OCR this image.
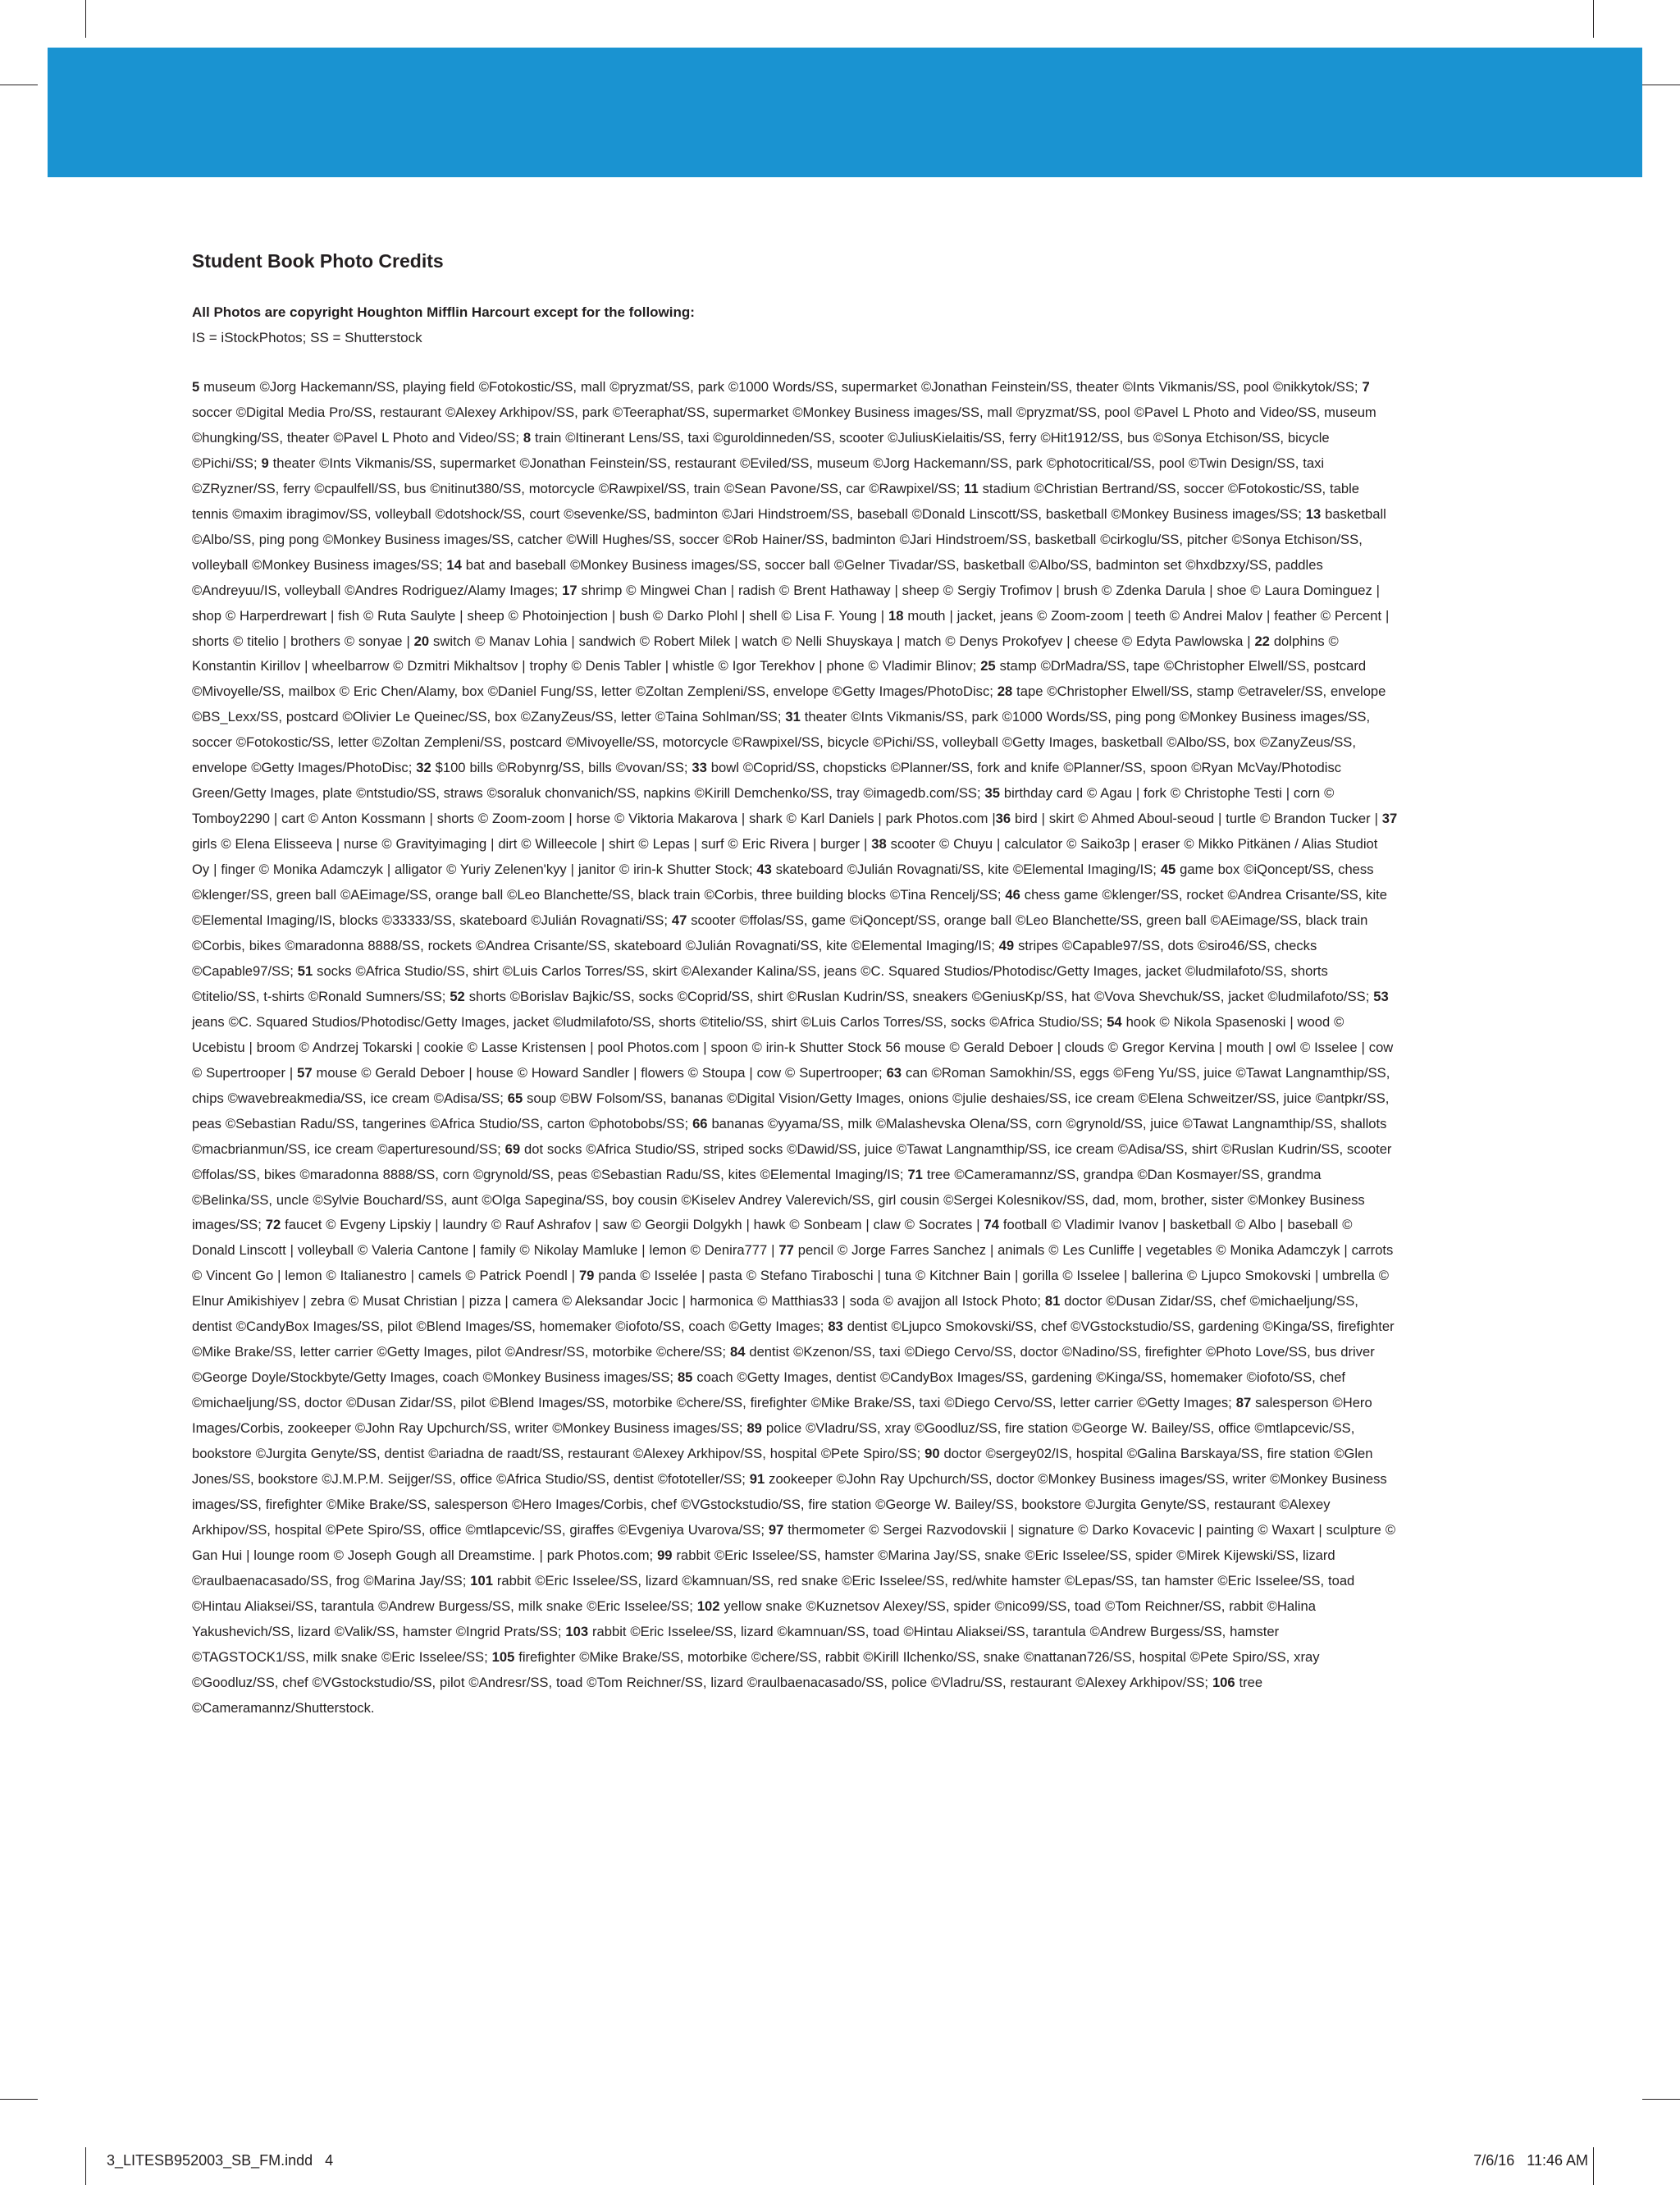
Student Book Photo Credits

All Photos are copyright Houghton Mifflin Harcourt except for the following:
IS = iStockPhotos; SS = Shutterstock

5 museum ©Jorg Hackemann/SS, playing field ©Fotokostic/SS, mall ©pryzmat/SS, park ©1000 Words/SS, supermarket ©Jonathan Feinstein/SS, theater ©Ints Vikmanis/SS, pool ©nikkytok/SS; 7 soccer ©Digital Media Pro/SS, restaurant ©Alexey Arkhipov/SS, park ©Teeraphat/SS, supermarket ©Monkey Business images/SS, mall ©pryzmat/SS, pool ©Pavel L Photo and Video/SS, museum ©hungking/SS, theater ©Pavel L Photo and Video/SS; 8 train ©Itinerant Lens/SS, taxi ©guroldinneden/SS, scooter ©JuliusKielaitis/SS, ferry ©Hit1912/SS, bus ©Sonya Etchison/SS, bicycle ©Pichi/SS; 9 theater ©Ints Vikmanis/SS, supermarket ©Jonathan Feinstein/SS, restaurant ©Eviled/SS, museum ©Jorg Hackemann/SS, park ©photocritical/SS, pool ©Twin Design/SS, taxi ©ZRyzner/SS, ferry ©cpaulfell/SS, bus ©nitinut380/SS, motorcycle ©Rawpixel/SS, train ©Sean Pavone/SS, car ©Rawpixel/SS; 11 stadium ©Christian Bertrand/SS, soccer ©Fotokostic/SS, table tennis ©maxim ibragimov/SS, volleyball ©dotshock/SS, court ©sevenke/SS, badminton ©Jari Hindstroem/SS, baseball ©Donald Linscott/SS, basketball ©Monkey Business images/SS; 13 basketball ©Albo/SS, ping pong ©Monkey Business images/SS, catcher ©Will Hughes/SS, soccer ©Rob Hainer/SS, badminton ©Jari Hindstroem/SS, basketball ©cirkoglu/SS, pitcher ©Sonya Etchison/SS, volleyball ©Monkey Business images/SS; 14 bat and baseball ©Monkey Business images/SS, soccer ball ©Gelner Tivadar/SS, basketball ©Albo/SS, badminton set ©hxdbzxy/SS, paddles ©Andreyuu/IS, volleyball ©Andres Rodriguez/Alamy Images; 17 shrimp © Mingwei Chan | radish © Brent Hathaway | sheep © Sergiy Trofimov | brush © Zdenka Darula | shoe © Laura Dominguez | shop © Harperdrewart | fish © Ruta Saulyte | sheep © Photoinjection | bush © Darko Plohl | shell © Lisa F. Young | 18 mouth | jacket, jeans © Zoom-zoom | teeth © Andrei Malov | feather © Percent | shorts © titelio | brothers © sonyae | 20 switch © Manav Lohia | sandwich © Robert Milek | watch © Nelli Shuyskaya | match © Denys Prokofyev | cheese © Edyta Pawlowska | 22 dolphins © Konstantin Kirillov | wheelbarrow © Dzmitri Mikhaltsov | trophy © Denis Tabler | whistle © Igor Terekhov | phone © Vladimir Blinov; 25 stamp ©DrMadra/SS, tape ©Christopher Elwell/SS, postcard ©Mivoyelle/SS, mailbox © Eric Chen/Alamy, box ©Daniel Fung/SS, letter ©Zoltan Zempleni/SS, envelope ©Getty Images/PhotoDisc; 28 tape ©Christopher Elwell/SS, stamp ©etraveler/SS, envelope ©BS_Lexx/SS, postcard ©Olivier Le Queinec/SS, box ©ZanyZeus/SS, letter ©Taina Sohlman/SS; 31 theater ©Ints Vikmanis/SS, park ©1000 Words/SS, ping pong ©Monkey Business images/SS, soccer ©Fotokostic/SS, letter ©Zoltan Zempleni/SS, postcard ©Mivoyelle/SS, motorcycle ©Rawpixel/SS, bicycle ©Pichi/SS, volleyball ©Getty Images, basketball ©Albo/SS, box ©ZanyZeus/SS, envelope ©Getty Images/PhotoDisc; 32 $100 bills ©Robynrg/SS, bills ©vovan/SS; 33 bowl ©Coprid/SS, chopsticks ©Planner/SS, fork and knife ©Planner/SS, spoon ©Ryan McVay/Photodisc Green/Getty Images, plate ©ntstudio/SS, straws ©soraluk chonvanich/SS, napkins ©Kirill Demchenko/SS, tray ©imagedb.com/SS; 35 birthday card © Agau | fork © Christophe Testi | corn © Tomboy2290 | cart © Anton Kossmann | shorts © Zoom-zoom | horse © Viktoria Makarova | shark © Karl Daniels | park Photos.com |36 bird | skirt © Ahmed Aboul-seoud | turtle © Brandon Tucker | 37 girls © Elena Elisseeva | nurse © Gravityimaging | dirt © Willeecole | shirt © Lepas | surf © Eric Rivera | burger | 38 scooter © Chuyu | calculator © Saiko3p | eraser © Mikko Pitkänen / Alias Studiot Oy | finger © Monika Adamczyk | alligator © Yuriy Zelenen'kyy | janitor © irin-k Shutter Stock; 43 skateboard ©Julián Rovagnati/SS, kite ©Elemental Imaging/IS; 45 game box ©iQoncept/SS, chess ©klenger/SS, green ball ©AEimage/SS, orange ball ©Leo Blanchette/SS, black train ©Corbis, three building blocks ©Tina Rencelj/SS; 46 chess game ©klenger/SS, rocket ©Andrea Crisante/SS, kite ©Elemental Imaging/IS, blocks ©33333/SS, skateboard ©Julián Rovagnati/SS; 47 scooter ©ffolas/SS, game ©iQoncept/SS, orange ball ©Leo Blanchette/SS, green ball ©AEimage/SS, black train ©Corbis, bikes ©maradonna 8888/SS, rockets ©Andrea Crisante/SS, skateboard ©Julián Rovagnati/SS, kite ©Elemental Imaging/IS; 49 stripes ©Capable97/SS, dots ©siro46/SS, checks ©Capable97/SS; 51 socks ©Africa Studio/SS, shirt ©Luis Carlos Torres/SS, skirt ©Alexander Kalina/SS, jeans ©C. Squared Studios/Photodisc/Getty Images, jacket ©ludmilafoto/SS, shorts ©titelio/SS, t-shirts ©Ronald Sumners/SS; 52 shorts ©Borislav Bajkic/SS, socks ©Coprid/SS, shirt ©Ruslan Kudrin/SS, sneakers ©GeniusKp/SS, hat ©Vova Shevchuk/SS, jacket ©ludmilafoto/SS; 53 jeans ©C. Squared Studios/Photodisc/Getty Images, jacket ©ludmilafoto/SS, shorts ©titelio/SS, shirt ©Luis Carlos Torres/SS, socks ©Africa Studio/SS; 54 hook © Nikola Spasenoski | wood © Ucebistu | broom © Andrzej Tokarski | cookie © Lasse Kristensen | pool Photos.com | spoon © irin-k Shutter Stock 56 mouse © Gerald Deboer | clouds © Gregor Kervina | mouth | owl © Isselee | cow © Supertrooper | 57 mouse © Gerald Deboer | house © Howard Sandler | flowers © Stoupa | cow © Supertrooper; 63 can ©Roman Samokhin/SS, eggs ©Feng Yu/SS, juice ©Tawat Langnamthip/SS, chips ©wavebreakmedia/SS, ice cream ©Adisa/SS; 65 soup ©BW Folsom/SS, bananas ©Digital Vision/Getty Images, onions ©julie deshaies/SS, ice cream ©Elena Schweitzer/SS, juice ©antpkr/SS, peas ©Sebastian Radu/SS, tangerines ©Africa Studio/SS, carton ©photobobs/SS; 66 bananas ©yyama/SS, milk ©Malashevska Olena/SS, corn ©grynold/SS, juice ©Tawat Langnamthip/SS, shallots ©macbrianmun/SS, ice cream ©aperturesound/SS; 69 dot socks ©Africa Studio/SS, striped socks ©Dawid/SS, juice ©Tawat Langnamthip/SS, ice cream ©Adisa/SS, shirt ©Ruslan Kudrin/SS, scooter ©ffolas/SS, bikes ©maradonna 8888/SS, corn ©grynold/SS, peas ©Sebastian Radu/SS, kites ©Elemental Imaging/IS; 71 tree ©Cameramannz/SS, grandpa ©Dan Kosmayer/SS, grandma ©Belinka/SS, uncle ©Sylvie Bouchard/SS, aunt ©Olga Sapegina/SS, boy cousin ©Kiselev Andrey Valerevich/SS, girl cousin ©Sergei Kolesnikov/SS, dad, mom, brother, sister ©Monkey Business images/SS; 72 faucet © Evgeny Lipskiy | laundry © Rauf Ashrafov | saw © Georgii Dolgykh | hawk © Sonbeam | claw © Socrates | 74 football © Vladimir Ivanov | basketball © Albo | baseball © Donald Linscott | volleyball © Valeria Cantone | family © Nikolay Mamluke | lemon © Denira777 | 77 pencil © Jorge Farres Sanchez | animals © Les Cunliffe | vegetables © Monika Adamczyk | carrots © Vincent Go | lemon © Italianestro | camels © Patrick Poendl | 79 panda © Isselée | pasta © Stefano Tiraboschi | tuna © Kitchner Bain | gorilla © Isselee | ballerina © Ljupco Smokovski | umbrella © Elnur Amikishiyev | zebra © Musat Christian | pizza | camera © Aleksandar Jocic | harmonica © Matthias33 | soda © avajjon all Istock Photo; 81 doctor ©Dusan Zidar/SS, chef ©michaeljung/SS, dentist ©CandyBox Images/SS, pilot ©Blend Images/SS, homemaker ©iofoto/SS, coach ©Getty Images; 83 dentist ©Ljupco Smokovski/SS, chef ©VGstockstudio/SS, gardening ©Kinga/SS, firefighter ©Mike Brake/SS, letter carrier ©Getty Images, pilot ©Andresr/SS, motorbike ©chere/SS; 84 dentist ©Kzenon/SS, taxi ©Diego Cervo/SS, doctor ©Nadino/SS, firefighter ©Photo Love/SS, bus driver ©George Doyle/Stockbyte/Getty Images, coach ©Monkey Business images/SS; 85 coach ©Getty Images, dentist ©CandyBox Images/SS, gardening ©Kinga/SS, homemaker ©iofoto/SS, chef ©michaeljung/SS, doctor ©Dusan Zidar/SS, pilot ©Blend Images/SS, motorbike ©chere/SS, firefighter ©Mike Brake/SS, taxi ©Diego Cervo/SS, letter carrier ©Getty Images; 87 salesperson ©Hero Images/Corbis, zookeeper ©John Ray Upchurch/SS, writer ©Monkey Business images/SS; 89 police ©Vladru/SS, xray ©Goodluz/SS, fire station ©George W. Bailey/SS, office ©mtlapcevic/SS, bookstore ©Jurgita Genyte/SS, dentist ©ariadna de raadt/SS, restaurant ©Alexey Arkhipov/SS, hospital ©Pete Spiro/SS; 90 doctor ©sergey02/IS, hospital ©Galina Barskaya/SS, fire station ©Glen Jones/SS, bookstore ©J.M.P.M. Seijger/SS, office ©Africa Studio/SS, dentist ©fototeller/SS; 91 zookeeper ©John Ray Upchurch/SS, doctor ©Monkey Business images/SS, writer ©Monkey Business images/SS, firefighter ©Mike Brake/SS, salesperson ©Hero Images/Corbis, chef ©VGstockstudio/SS, fire station ©George W. Bailey/SS, bookstore ©Jurgita Genyte/SS, restaurant ©Alexey Arkhipov/SS, hospital ©Pete Spiro/SS, office ©mtlapcevic/SS, giraffes ©Evgeniya Uvarova/SS; 97 thermometer © Sergei Razvodovskii | signature © Darko Kovacevic | painting © Waxart | sculpture © Gan Hui | lounge room © Joseph Gough all Dreamstime. | park Photos.com; 99 rabbit ©Eric Isselee/SS, hamster ©Marina Jay/SS, snake ©Eric Isselee/SS, spider ©Mirek Kijewski/SS, lizard ©raulbaenacasado/SS, frog ©Marina Jay/SS; 101 rabbit ©Eric Isselee/SS, lizard ©kamnuan/SS, red snake ©Eric Isselee/SS, red/white hamster ©Lepas/SS, tan hamster ©Eric Isselee/SS, toad ©Hintau Aliaksei/SS, tarantula ©Andrew Burgess/SS, milk snake ©Eric Isselee/SS; 102 yellow snake ©Kuznetsov Alexey/SS, spider ©nico99/SS, toad ©Tom Reichner/SS, rabbit ©Halina Yakushevich/SS, lizard ©Valik/SS, hamster ©Ingrid Prats/SS; 103 rabbit ©Eric Isselee/SS, lizard ©kamnuan/SS, toad ©Hintau Aliaksei/SS, tarantula ©Andrew Burgess/SS, hamster ©TAGSTOCK1/SS, milk snake ©Eric Isselee/SS; 105 firefighter ©Mike Brake/SS, motorbike ©chere/SS, rabbit ©Kirill Ilchenko/SS, snake ©nattanan726/SS, hospital ©Pete Spiro/SS, xray ©Goodluz/SS, chef ©VGstockstudio/SS, pilot ©Andresr/SS, toad ©Tom Reichner/SS, lizard ©raulbaenacasado/SS, police ©Vladru/SS, restaurant ©Alexey Arkhipov/SS; 106 tree ©Cameramannz/Shutterstock.

3_LITESB952003_SB_FM.indd   4	7/6/16   11:46 AM
